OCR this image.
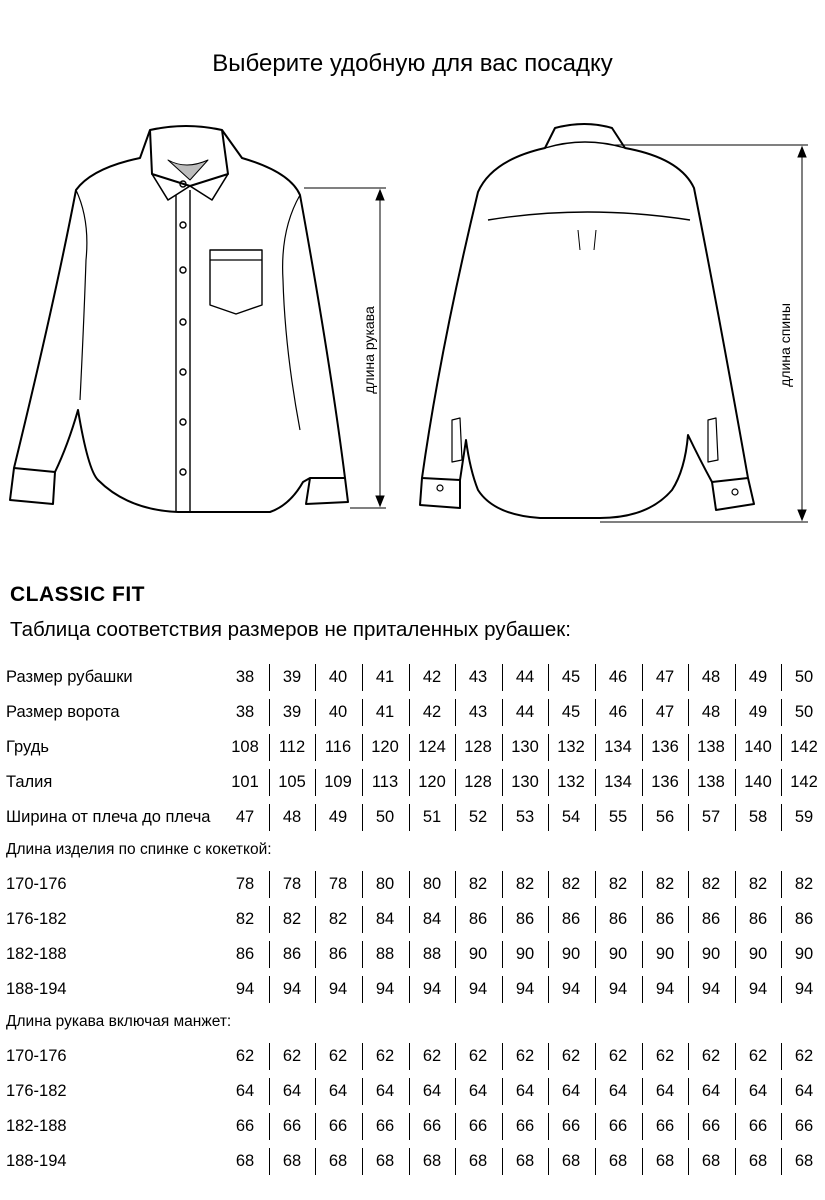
Выберите удобную для вас посадку
длина рукава	длина спины
CLASSIC FIT
Таблица соответствия размеров не приталенных рубашек:
Размер рубашки	38	39	40	41	42	43	44	45	46	47	48	49	50
Размер ворота	38	39	40	41	42	43	44	45	46	47	48	49	50
Грудь	108	112	116	120	124	128	130	132	134	136	138	140	142
Талия	101	105	109	113	120	128	130	132	134	136	138	140	142
Ширина от плеча до плеча	47	48	49	50	51	52	53	54	55	56	57	58	59
Длина изделия по спинке с кокеткой:
170-176	78	78	78	80	80	82	82	82	82	82	82	82	82
176-182	82	82	82	84	84	86	86	86	86	86	86	86	86
182-188	86	86	86	88	88	90	90	90	90	90	90	90	90
188-194	94	94	94	94	94	94	94	94	94	94	94	94	94
Длина рукава включая манжет:
170-176	62	62	62	62	62	62	62	62	62	62	62	62	62
176-182	64	64	64	64	64	64	64	64	64	64	64	64	64
182-188	66	66	66	66	66	66	66	66	66	66	66	66	66
188-194	68	68	68	68	68	68	68	68	68	68	68	68	68
